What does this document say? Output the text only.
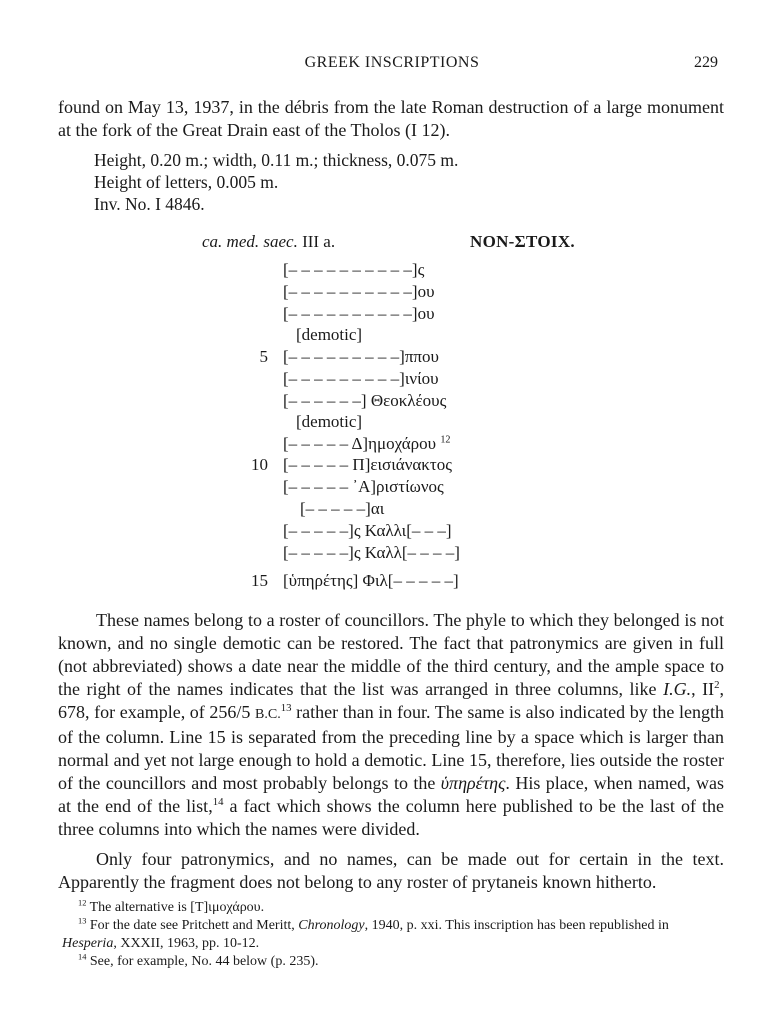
GREEK INSCRIPTIONS	229
found on May 13, 1937, in the débris from the late Roman destruction of a large monument at the fork of the Great Drain east of the Tholos (I 12).
Height, 0.20 m.; width, 0.11 m.; thickness, 0.075 m.
Height of letters, 0.005 m.
Inv. No. I 4846.
ca. med. saec. III a.	NON-ΣΤΟΙΧ.
5
10
15
[– – – – – – – – – –]ς
[– – – – – – – – – –]ου
[– – – – – – – – – –]ου
[demotic]
[– – – – – – – – –]ππου
[– – – – – – – – –]ινίου
[– – – – – –] Θεοκλέους
[demotic]
[– – – – – Δ]ημοχάρου $^{12}$
[– – – – – Π]εισιάνακτος
[– – – – – ᾽Α]ριστίωνος
[– – – – –]αι
[– – – – –]ς Καλλι[– – –]
[– – – – –]ς Καλλ[– – – –]
[ὑπηρέτης] Φιλ[– – – – –]
These names belong to a roster of councillors. The phyle to which they belonged is not known, and no single demotic can be restored. The fact that patronymics are given in full (not abbreviated) shows a date near the middle of the third century, and the ample space to the right of the names indicates that the list was arranged in three columns, like I.G., $II^2$, 678, for example, of 256/5 B.C.$^{13}$ rather than in four. The same is also indicated by the length of the column. Line 15 is separated from the preceding line by a space which is larger than normal and yet not large enough to hold a demotic. Line 15, therefore, lies outside the roster of the councillors and most probably belongs to the ὑπηρέτης. His place, when named, was at the end of the list,$^{14}$ a fact which shows the column here published to be the last of the three columns into which the names were divided.
Only four patronymics, and no names, can be made out for certain in the text. Apparently the fragment does not belong to any roster of prytaneis known hitherto.
$^{12}$ The alternative is [Τ]ιμοχάρου.
$^{13}$ For the date see Pritchett and Meritt, Chronology, 1940, p. xxi. This inscription has been republished in Hesperia, XXXII, 1963, pp. 10-12.
$^{14}$ See, for example, No. 44 below (p. 235).
